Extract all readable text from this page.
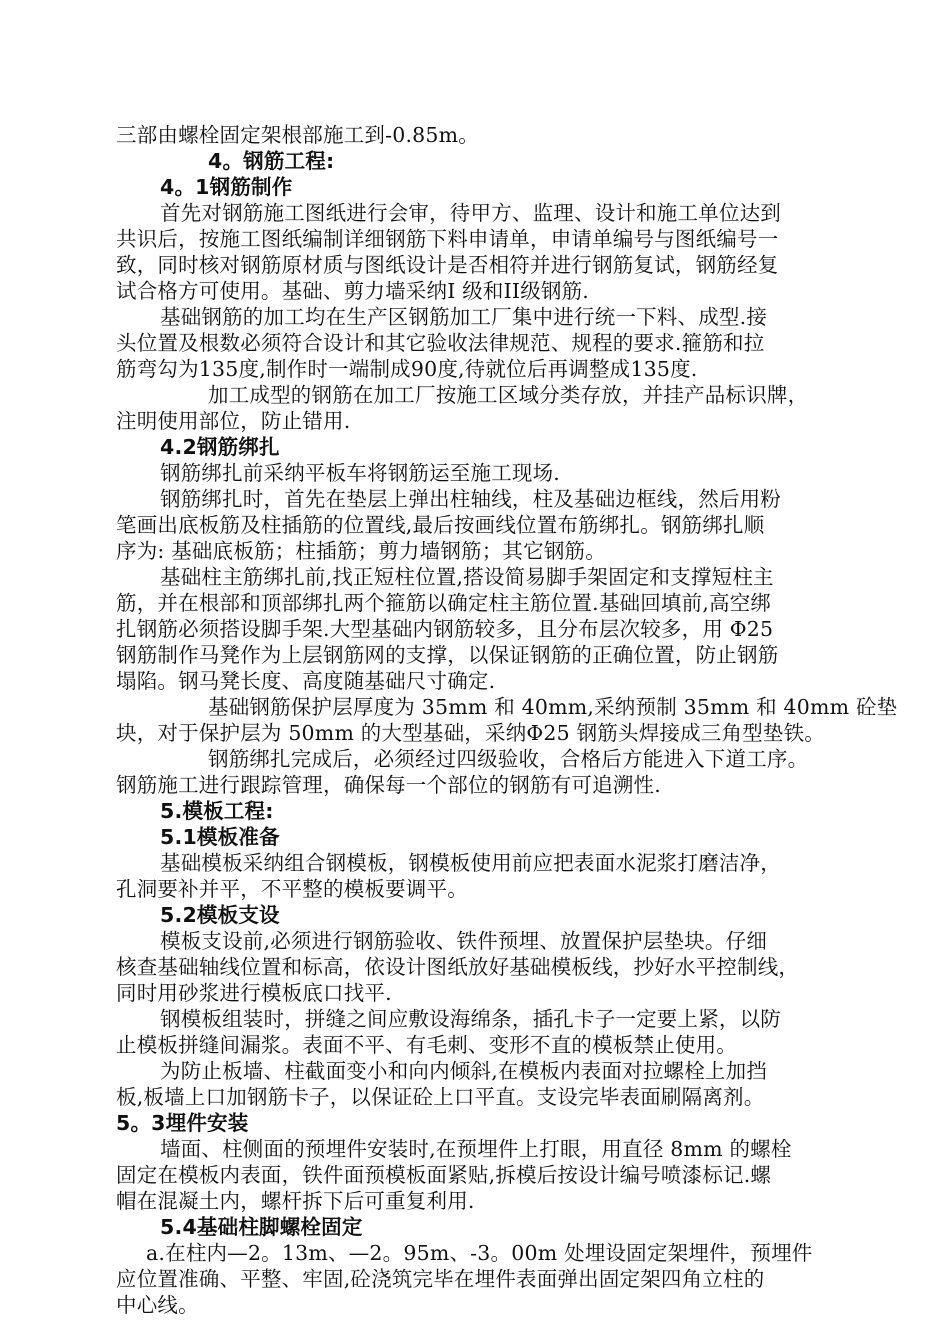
三部由螺栓固定架根部施工到-0.85m。
4。钢筋工程:
4。1钢筋制作
首先对钢筋施工图纸进行会审，待甲方、监理、设计和施工单位达到
共识后，按施工图纸编制详细钢筋下料申请单，申请单编号与图纸编号一
致，同时核对钢筋原材质与图纸设计是否相符并进行钢筋复试，钢筋经复
试合格方可使用。基础、剪力墙采纳I 级和II级钢筋.
基础钢筋的加工均在生产区钢筋加工厂集中进行统一下料、成型.接
头位置及根数必须符合设计和其它验收法律规范、规程的要求.箍筋和拉
筋弯勾为135度,制作时一端制成90度,待就位后再调整成135度.
加工成型的钢筋在加工厂按施工区域分类存放，并挂产品标识牌，
注明使用部位，防止错用.
4.2钢筋绑扎
钢筋绑扎前采纳平板车将钢筋运至施工现场.
钢筋绑扎时，首先在垫层上弹出柱轴线，柱及基础边框线，然后用粉
笔画出底板筋及柱插筋的位置线,最后按画线位置布筋绑扎。钢筋绑扎顺
序为: 基础底板筋；柱插筋；剪力墙钢筋；其它钢筋。
基础柱主筋绑扎前,找正短柱位置,搭设简易脚手架固定和支撑短柱主
筋，并在根部和顶部绑扎两个箍筋以确定柱主筋位置.基础回填前,高空绑
扎钢筋必须搭设脚手架.大型基础内钢筋较多，且分布层次较多，用 Φ25
钢筋制作马凳作为上层钢筋网的支撑，以保证钢筋的正确位置，防止钢筋
塌陷。钢马凳长度、高度随基础尺寸确定.
基础钢筋保护层厚度为 35mm 和 40mm,采纳预制 35mm 和 40mm 砼垫
块，对于保护层为 50mm 的大型基础，采纳Φ25 钢筋头焊接成三角型垫铁。
钢筋绑扎完成后，必须经过四级验收，合格后方能进入下道工序。
钢筋施工进行跟踪管理，确保每一个部位的钢筋有可追溯性.
5.模板工程:
5.1模板准备
基础模板采纳组合钢模板，钢模板使用前应把表面水泥浆打磨洁净，
孔洞要补并平，不平整的模板要调平。
5.2模板支设
模板支设前,必须进行钢筋验收、铁件预埋、放置保护层垫块。仔细
核查基础轴线位置和标高，依设计图纸放好基础模板线，抄好水平控制线，
同时用砂浆进行模板底口找平.
钢模板组装时，拼缝之间应敷设海绵条，插孔卡子一定要上紧，以防
止模板拼缝间漏浆。表面不平、有毛刺、变形不直的模板禁止使用。
为防止板墙、柱截面变小和向内倾斜,在模板内表面对拉螺栓上加挡
板,板墙上口加钢筋卡子，以保证砼上口平直。支设完毕表面刷隔离剂。
5。3埋件安装
墙面、柱侧面的预埋件安装时,在预埋件上打眼，用直径 8mm 的螺栓
固定在模板内表面，铁件面预模板面紧贴,拆模后按设计编号喷漆标记.螺
帽在混凝土内，螺杆拆下后可重复利用.
5.4基础柱脚螺栓固定
a.在柱内—2。13m、—2。95m、-3。00m 处埋设固定架埋件，预埋件
应位置准确、平整、牢固,砼浇筑完毕在埋件表面弹出固定架四角立柱的
中心线。
